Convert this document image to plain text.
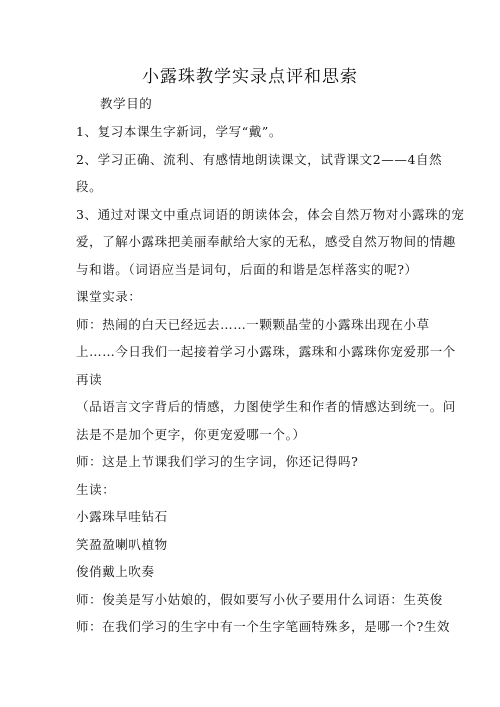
小露珠教学实录点评和思索
教学目的
1、复习本课生字新词，学写“戴”。
2、学习正确、流利、有感情地朗读课文，试背课文2——4自然
段。
3、通过对课文中重点词语的朗读体会，体会自然万物对小露珠的宠
爱，了解小露珠把美丽奉献给大家的无私，感受自然万物间的情趣
与和谐。（词语应当是词句，后面的和谐是怎样落实的呢?）
课堂实录：
师：热闹的白天已经远去……一颗颗晶莹的小露珠出现在小草
上……今日我们一起接着学习小露珠，露珠和小露珠你宠爱那一个
再读
（品语言文字背后的情感，力图使学生和作者的情感达到统一。问
法是不是加个更字，你更宠爱哪一个。）
师：这是上节课我们学习的生字词，你还记得吗?
生读：
小露珠早哇钻石
笑盈盈喇叭植物
俊俏戴上吹奏
师：俊美是写小姑娘的，假如要写小伙子要用什么词语：生英俊
师：在我们学习的生字中有一个生字笔画特殊多，是哪一个?生效
